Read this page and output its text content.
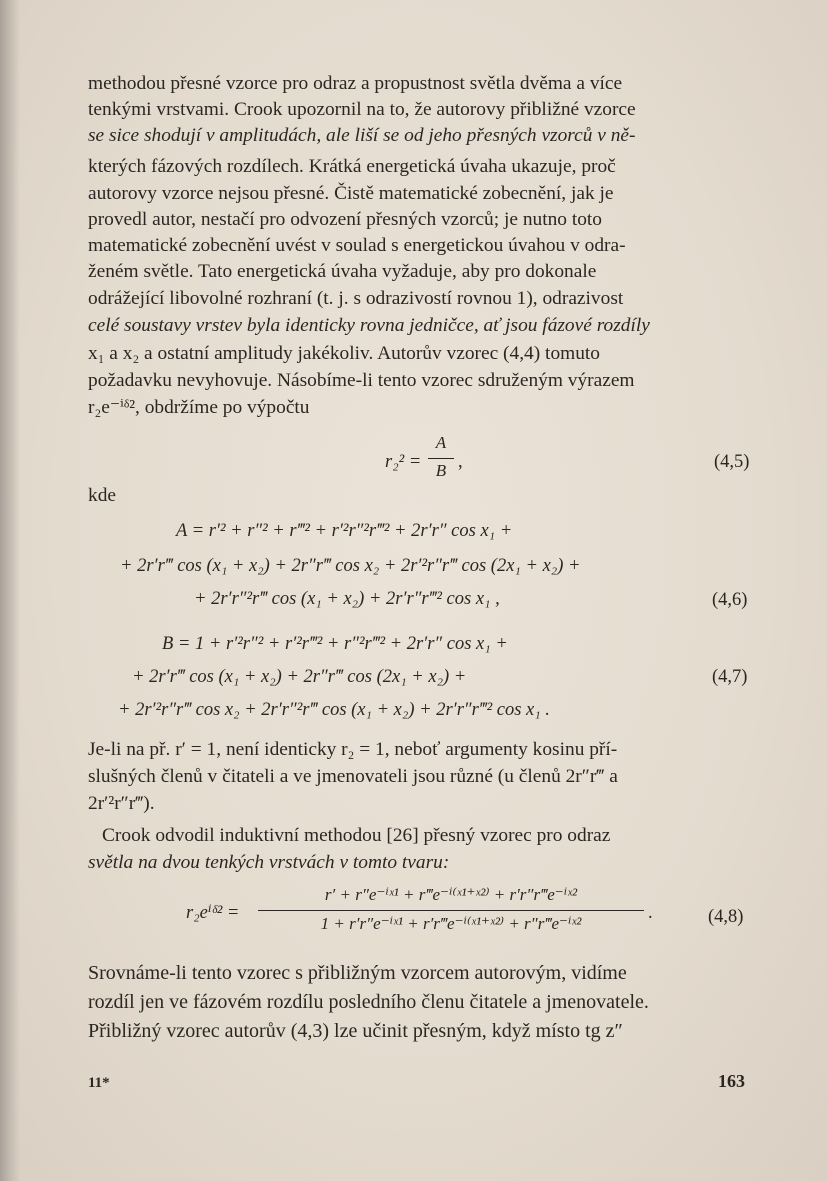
methodou přesné vzorce pro odraz a propustnost světla dvěma a více
tenkými vrstvami. Crook upozornil na to, že autorovy přibližné vzorce
se sice shodují v amplitudách, ale liší se od jeho přesných vzorců v ně-
kterých fázových rozdílech. Krátká energetická úvaha ukazuje, proč
autorovy vzorce nejsou přesné. Čistě matematické zobecnění, jak je
provedl autor, nestačí pro odvození přesných vzorců; je nutno toto
matematické zobecnění uvést v soulad s energetickou úvahou v odra-
ženém světle. Tato energetická úvaha vyžaduje, aby pro dokonale
odrážející libovolné rozhraní (t. j. s odrazivostí rovnou 1), odrazivost
celé soustavy vrstev byla identicky rovna jedničce, ať jsou fázové rozdíly
x₁ a x₂ a ostatní amplitudy jakékoliv. Autorův vzorec (4,4) tomuto
požadavku nevyhovuje. Násobíme-li tento vzorec sdruženým výrazem
r₂e⁻ⁱᵟ², obdržíme po výpočtu
r₂² =
A
B ,	(4,5)
kde
A = r′² + r″² + r‴² + r′²r″²r‴² + 2r′r″ cos x₁ +
+ 2r′r‴ cos (x₁ + x₂) + 2r″r‴ cos x₂ + 2r′²r″r‴ cos (2x₁ + x₂) +
+ 2r′r″²r‴ cos (x₁ + x₂) + 2r′r″r‴² cos x₁ ,	(4,6)
B = 1 + r′²r″² + r′²r‴² + r″²r‴² + 2r′r″ cos x₁ +
+ 2r′r‴ cos (x₁ + x₂) + 2r″r‴ cos (2x₁ + x₂) +	(4,7)
+ 2r′²r″r‴ cos x₂ + 2r′r″²r‴ cos (x₁ + x₂) + 2r′r″r‴² cos x₁ .
Je-li na př. r′ = 1, není identicky r₂ = 1, neboť argumenty kosinu pří-
slušných členů v čitateli a ve jmenovateli jsou různé (u členů 2r″r‴ a
2r′²r″r‴).
Crook odvodil induktivní methodou [26] přesný vzorec pro odraz
světla na dvou tenkých vrstvách v tomto tvaru:
r₂eⁱᵟ² =
r′ + r″e⁻ⁱˣ¹ + r‴e⁻ⁱ⁽ˣ¹⁺ˣ²⁾ + r′r″r‴e⁻ⁱˣ²
1 + r′r″e⁻ⁱˣ¹ + r′r‴e⁻ⁱ⁽ˣ¹⁺ˣ²⁾ + r″r‴e⁻ⁱˣ²
.	(4,8)
Srovnáme-li tento vzorec s přibližným vzorcem autorovým, vidíme
rozdíl jen ve fázovém rozdílu posledního členu čitatele a jmenovatele.
Přibližný vzorec autorův (4,3) lze učinit přesným, když místo tg z″
11*	163
